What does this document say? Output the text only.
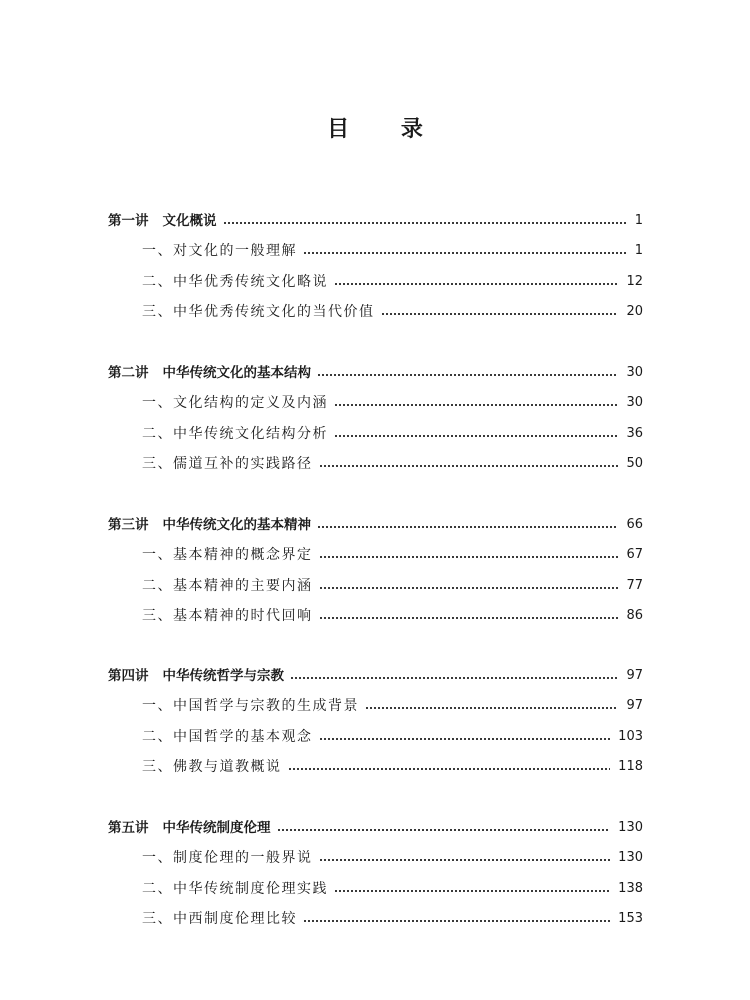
目 录
第一讲 文化概说	1
一、对文化的一般理解	1
二、中华优秀传统文化略说	12
三、中华优秀传统文化的当代价值	20
第二讲 中华传统文化的基本结构	30
一、文化结构的定义及内涵	30
二、中华传统文化结构分析	36
三、儒道互补的实践路径	50
第三讲 中华传统文化的基本精神	66
一、基本精神的概念界定	67
二、基本精神的主要内涵	77
三、基本精神的时代回响	86
第四讲 中华传统哲学与宗教	97
一、中国哲学与宗教的生成背景	97
二、中国哲学的基本观念	103
三、佛教与道教概说	118
第五讲 中华传统制度伦理	130
一、制度伦理的一般界说	130
二、中华传统制度伦理实践	138
三、中西制度伦理比较	153
